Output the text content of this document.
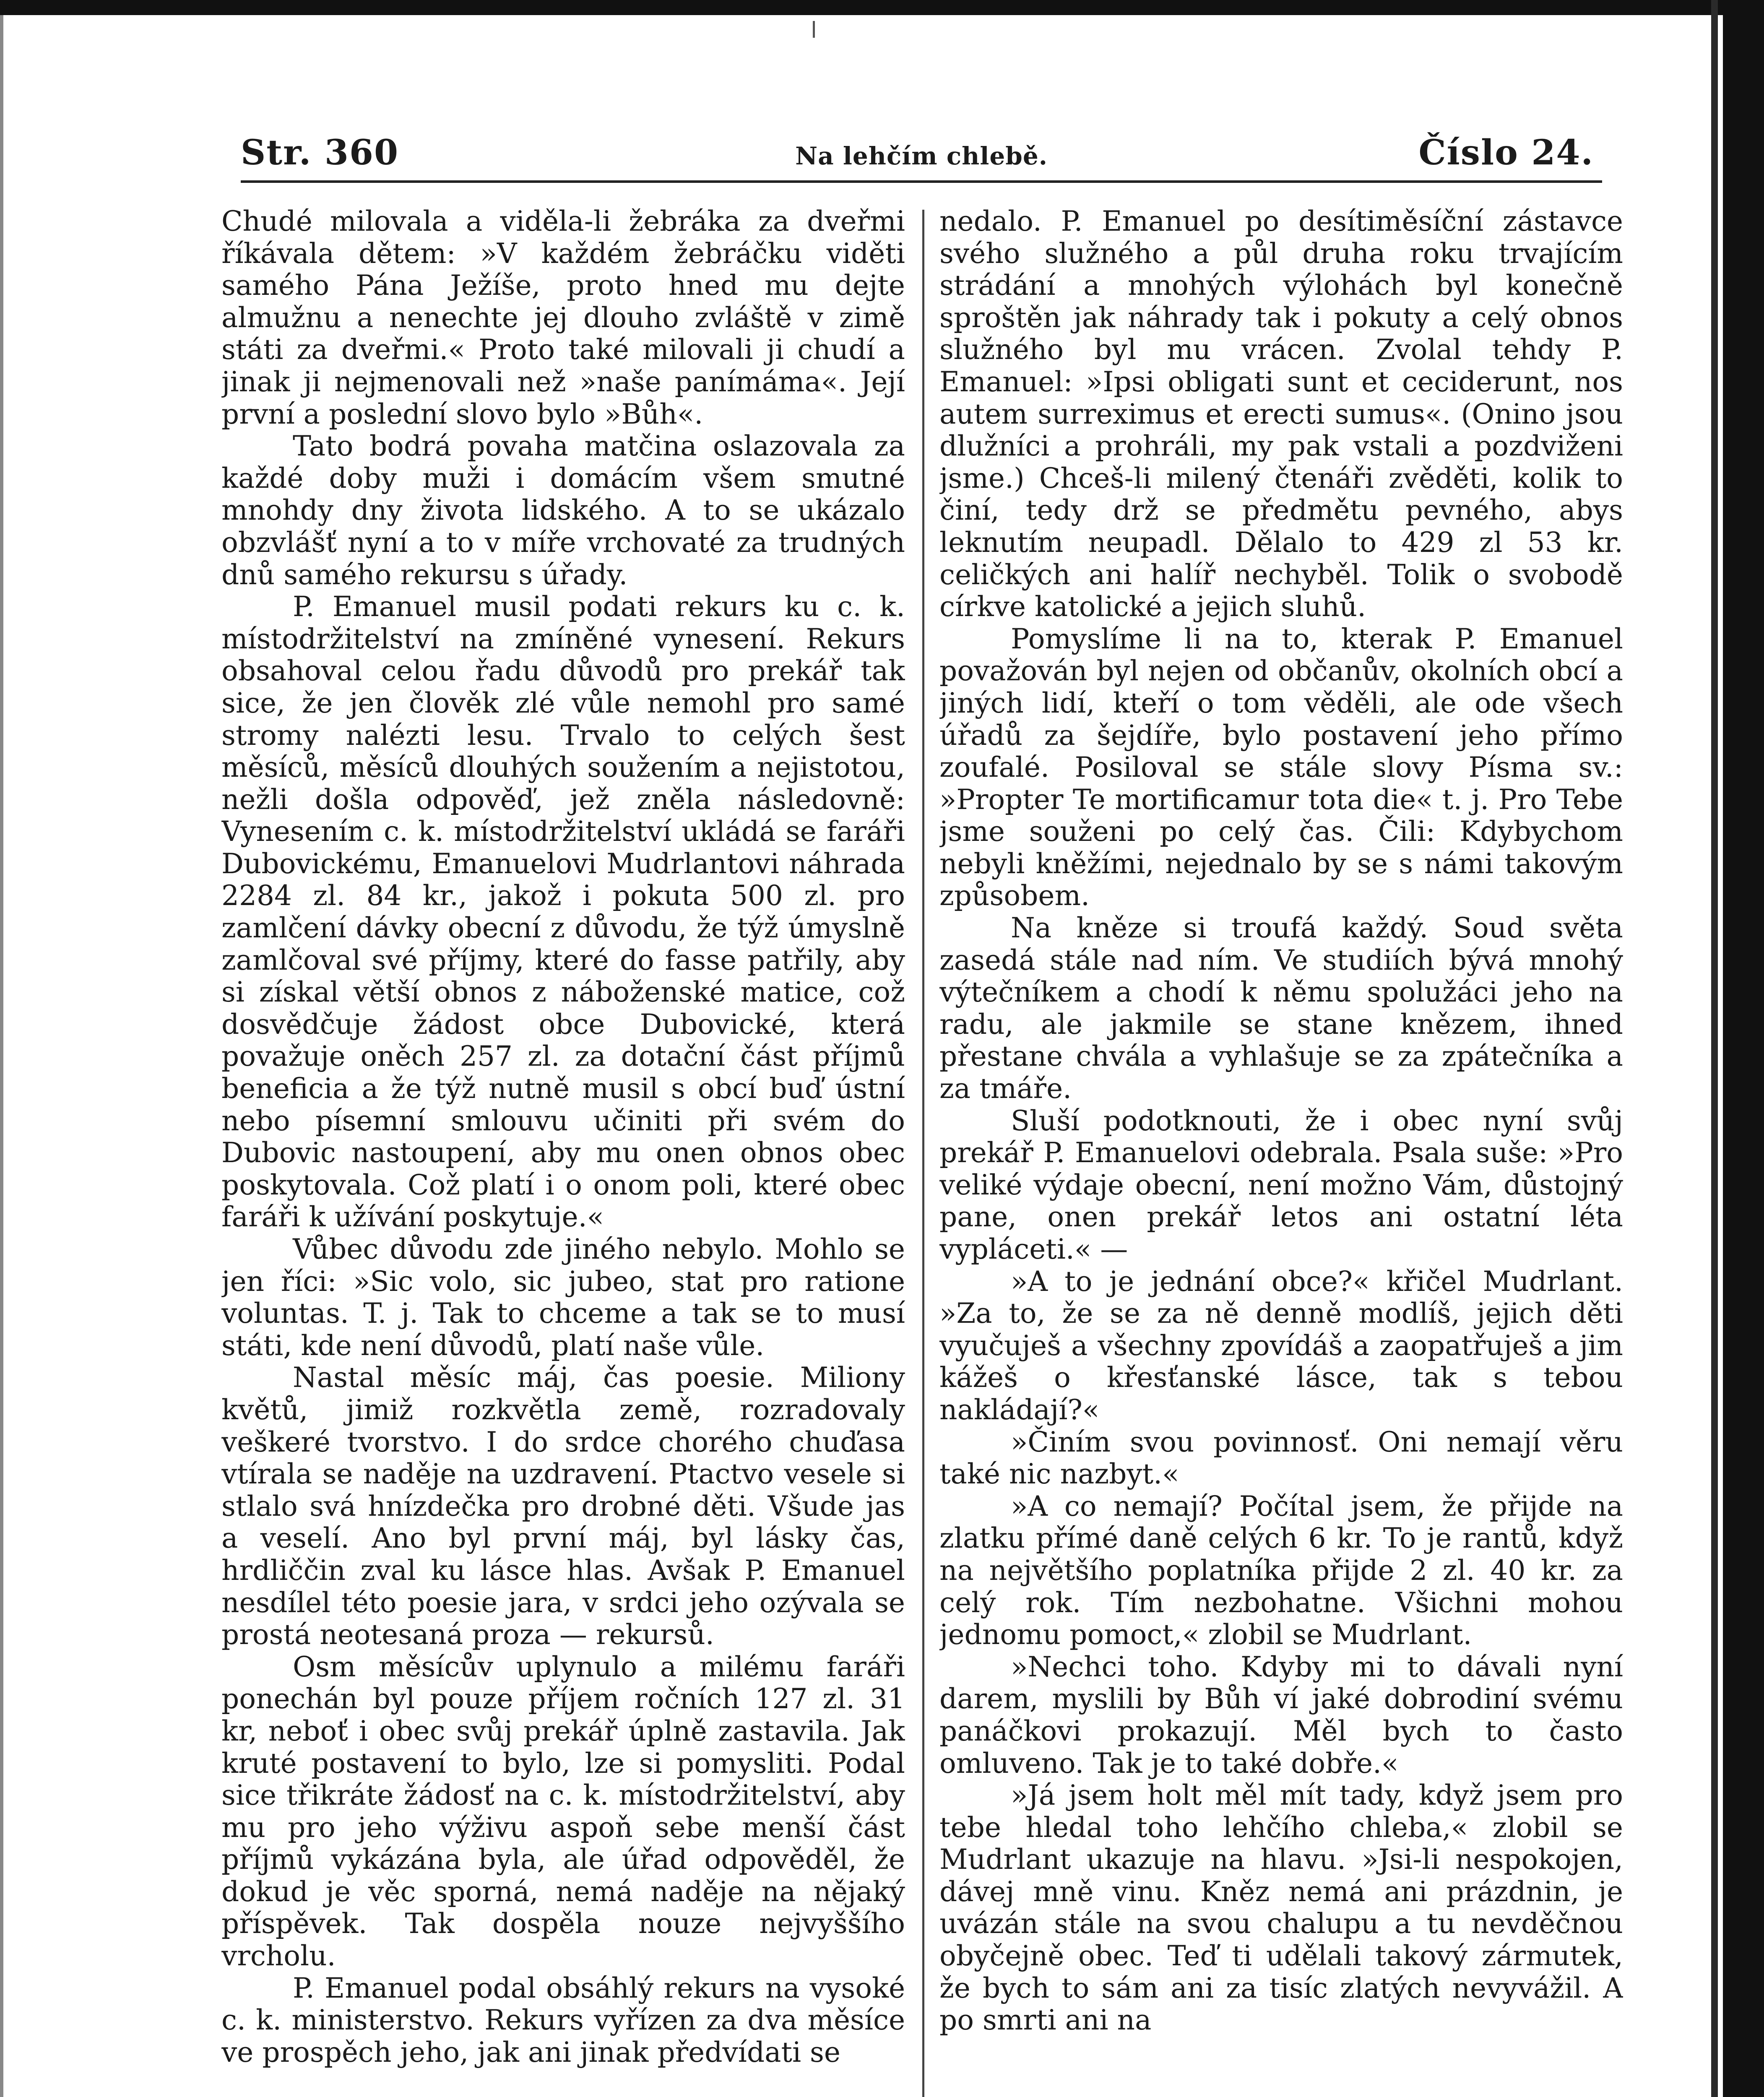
Str. 360	Na lehčím chlebě.	Číslo 24.

Chudé milovala a viděla-li žebráka za dveřmi říkávala dětem: »V každém žebráčku viděti samého Pána Ježíše, proto hned mu dejte almužnu a nenechte jej dlouho zvláště v zimě státi za dveřmi.« Proto také milovali ji chudí a jinak ji nejmenovali než »naše panímáma«. Její první a poslední slovo bylo »Bůh«.

Tato bodrá povaha matčina oslazovala za každé doby muži i domácím všem smutné mnohdy dny života lidského. A to se ukázalo obzvlášť nyní a to v míře vrchovaté za trudných dnů samého rekursu s úřady.

P. Emanuel musil podati rekurs ku c. k. místodržitelství na zmíněné vynesení. Rekurs obsahoval celou řadu důvodů pro prekář tak sice, že jen člověk zlé vůle nemohl pro samé stromy nalézti lesu. Trvalo to celých šest měsíců, měsíců dlouhých soužením a nejistotou, nežli došla odpověď, jež zněla následovně: Vynesením c. k. místodržitelství ukládá se faráři Dubovickému, Emanuelovi Mudrlantovi náhrada 2284 zl. 84 kr., jakož i pokuta 500 zl. pro zamlčení dávky obecní z důvodu, že týž úmyslně zamlčoval své příjmy, které do fasse patřily, aby si získal větší obnos z náboženské matice, což dosvědčuje žádost obce Dubovické, která považuje oněch 257 zl. za dotační část příjmů beneficia a že týž nutně musil s obcí buď ústní nebo písemní smlouvu učiniti při svém do Dubovic nastoupení, aby mu onen obnos obec poskytovala. Což platí i o onom poli, které obec faráři k užívání poskytuje.«

Vůbec důvodu zde jiného nebylo. Mohlo se jen říci: »Sic volo, sic jubeo, stat pro ratione voluntas. T. j. Tak to chceme a tak se to musí státi, kde není důvodů, platí naše vůle.

Nastal měsíc máj, čas poesie. Miliony květů, jimiž rozkvětla země, rozradovaly veškeré tvorstvo. I do srdce chorého chuďasa vtírala se naděje na uzdravení. Ptactvo vesele si stlalo svá hnízdečka pro drobné děti. Všude jas a veselí. Ano byl první máj, byl lásky čas, hrdliččin zval ku lásce hlas. Avšak P. Emanuel nesdílel této poesie jara, v srdci jeho ozývala se prostá neotesaná proza — rekursů.

Osm měsícův uplynulo a milému faráři ponechán byl pouze příjem ročních 127 zl. 31 kr, neboť i obec svůj prekář úplně zastavila. Jak kruté postavení to bylo, lze si pomysliti. Podal sice třikráte žádosť na c. k. místodržitelství, aby mu pro jeho výživu aspoň sebe menší část příjmů vykázána byla, ale úřad odpověděl, že dokud je věc sporná, nemá naděje na nějaký příspěvek. Tak dospěla nouze nejvyššího vrcholu.

P. Emanuel podal obsáhlý rekurs na vysoké c. k. ministerstvo. Rekurs vyřízen za dva měsíce ve prospěch jeho, jak ani jinak předvídati se

nedalo. P. Emanuel po desítiměsíční zástavce svého služného a půl druha roku trvajícím strádání a mnohých výlohách byl konečně sproštěn jak náhrady tak i pokuty a celý obnos služného byl mu vrácen. Zvolal tehdy P. Emanuel: »Ipsi obligati sunt et ceciderunt, nos autem surreximus et erecti sumus«. (Onino jsou dlužníci a prohráli, my pak vstali a pozdviženi jsme.) Chceš-li milený čtenáři zvěděti, kolik to činí, tedy drž se předmětu pevného, abys leknutím neupadl. Dělalo to 429 zl 53 kr. celičkých ani halíř nechyběl. Tolik o svobodě církve katolické a jejich sluhů.

Pomyslíme li na to, kterak P. Emanuel považován byl nejen od občanův, okolních obcí a jiných lidí, kteří o tom věděli, ale ode všech úřadů za šejdíře, bylo postavení jeho přímo zoufalé. Posiloval se stále slovy Písma sv.: »Propter Te mortificamur tota die« t. j. Pro Tebe jsme souženi po celý čas. Čili: Kdybychom nebyli kněžími, nejednalo by se s námi takovým způsobem.

Na kněze si troufá každý. Soud světa zasedá stále nad ním. Ve studiích bývá mnohý výtečníkem a chodí k němu spolužáci jeho na radu, ale jakmile se stane knězem, ihned přestane chvála a vyhlašuje se za zpátečníka a za tmáře.

Sluší podotknouti, že i obec nyní svůj prekář P. Emanuelovi odebrala. Psala suše: »Pro veliké výdaje obecní, není možno Vám, důstojný pane, onen prekář letos ani ostatní léta vypláceti.« —

»A to je jednání obce?« křičel Mudrlant. »Za to, že se za ně denně modlíš, jejich děti vyučuješ a všechny zpovídáš a zaopatřuješ a jim kážeš o křesťanské lásce, tak s tebou nakládají?«

»Činím svou povinnosť. Oni nemají věru také nic nazbyt.«

»A co nemají? Počítal jsem, že přijde na zlatku přímé daně celých 6 kr. To je rantů, když na největšího poplatníka přijde 2 zl. 40 kr. za celý rok. Tím nezbohatne. Všichni mohou jednomu pomoct,« zlobil se Mudrlant.

»Nechci toho. Kdyby mi to dávali nyní darem, myslili by Bůh ví jaké dobrodiní svému panáčkovi prokazují. Měl bych to často omluveno. Tak je to také dobře.«

»Já jsem holt měl mít tady, když jsem pro tebe hledal toho lehčího chleba,« zlobil se Mudrlant ukazuje na hlavu. »Jsi-li nespokojen, dávej mně vinu. Kněz nemá ani prázdnin, je uvázán stále na svou chalupu a tu nevděčnou obyčejně obec. Teď ti udělali takový zármutek, že bych to sám ani za tisíc zlatých nevyvážil. A po smrti ani na
